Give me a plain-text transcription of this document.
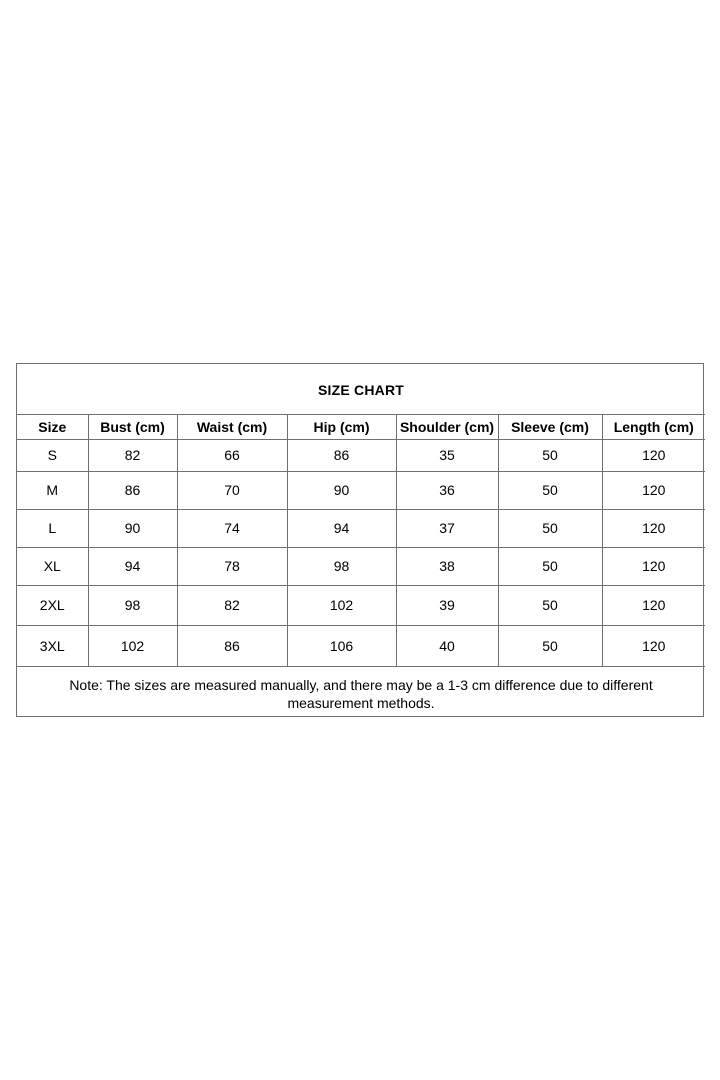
SIZE CHART						
Size	Bust (cm)	Waist (cm)	Hip (cm)	Shoulder (cm)	Sleeve (cm)	Length (cm)
S	82	66	86	35	50	120
M	86	70	90	36	50	120
L	90	74	94	37	50	120
XL	94	78	98	38	50	120
2XL	98	82	102	39	50	120
3XL	102	86	106	40	50	120
Note: The sizes are measured manually, and there may be a 1-3 cm difference due to different measurement methods.						
